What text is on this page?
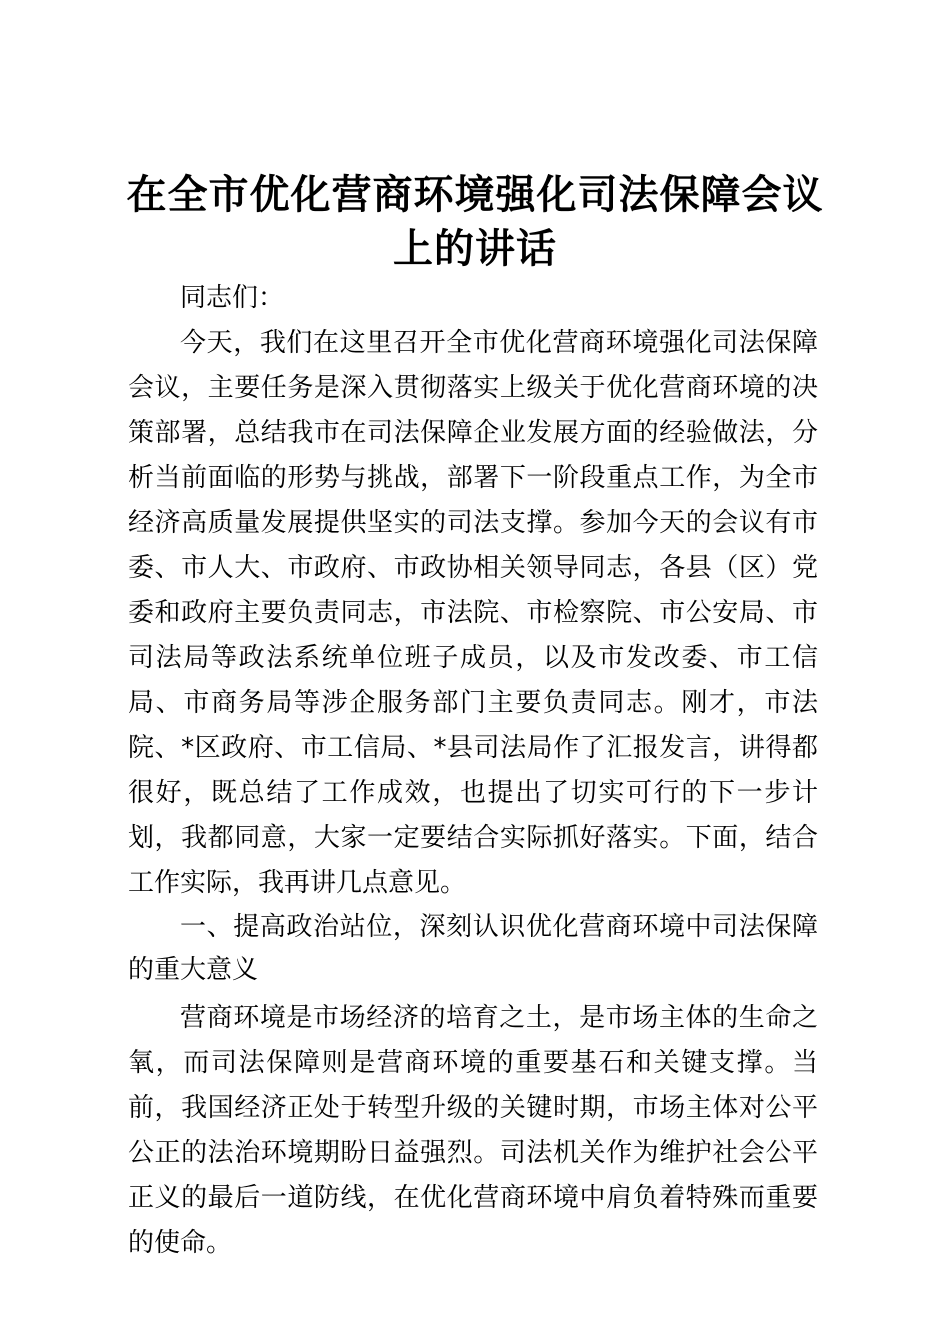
在全市优化营商环境强化司法保障会议上的讲话

同志们：

今天，我们在这里召开全市优化营商环境强化司法保障会议，主要任务是深入贯彻落实上级关于优化营商环境的决策部署，总结我市在司法保障企业发展方面的经验做法，分析当前面临的形势与挑战，部署下一阶段重点工作，为全市经济高质量发展提供坚实的司法支撑。参加今天的会议有市委、市人大、市政府、市政协相关领导同志，各县（区）党委和政府主要负责同志，市法院、市检察院、市公安局、市司法局等政法系统单位班子成员，以及市发改委、市工信局、市商务局等涉企服务部门主要负责同志。刚才，市法院、*区政府、市工信局、*县司法局作了汇报发言，讲得都很好，既总结了工作成效，也提出了切实可行的下一步计划，我都同意，大家一定要结合实际抓好落实。下面，结合工作实际，我再讲几点意见。

一、提高政治站位，深刻认识优化营商环境中司法保障的重大意义

营商环境是市场经济的培育之土，是市场主体的生命之氧，而司法保障则是营商环境的重要基石和关键支撑。当前，我国经济正处于转型升级的关键时期，市场主体对公平公正的法治环境期盼日益强烈。司法机关作为维护社会公平正义的最后一道防线，在优化营商环境中肩负着特殊而重要的使命。
